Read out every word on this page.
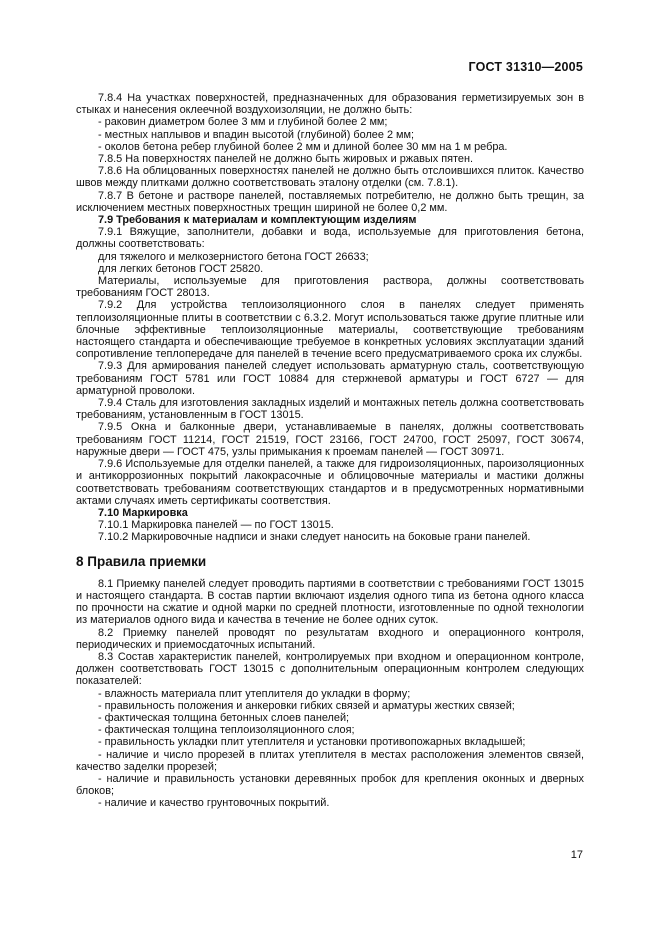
ГОСТ 31310—2005

7.8.4 На участках поверхностей, предназначенных для образования герметизируемых зон в стыках и нанесения оклеечной воздухоизоляции, не должно быть:

- раковин диаметром более 3 мм и глубиной более 2 мм;

- местных наплывов и впадин высотой (глубиной) более 2 мм;

- околов бетона ребер глубиной более 2 мм и длиной более 30 мм на 1 м ребра.

7.8.5 На поверхностях панелей не должно быть жировых и ржавых пятен.

7.8.6 На облицованных поверхностях панелей не должно быть отслоившихся плиток. Качество швов между плитками должно соответствовать эталону отделки (см. 7.8.1).

7.8.7 В бетоне и растворе панелей, поставляемых потребителю, не должно быть трещин, за исключением местных поверхностных трещин шириной не более 0,2 мм.

7.9 Требования к материалам и комплектующим изделиям

7.9.1 Вяжущие, заполнители, добавки и вода, используемые для приготовления бетона, должны соответствовать:

для тяжелого и мелкозернистого бетона ГОСТ 26633;

для легких бетонов ГОСТ 25820.

Материалы, используемые для приготовления раствора, должны соответствовать требованиям ГОСТ 28013.

7.9.2 Для устройства теплоизоляционного слоя в панелях следует применять теплоизоляционные плиты в соответствии с 6.3.2. Могут использоваться также другие плитные или блочные эффективные теплоизоляционные материалы, соответствующие требованиям настоящего стандарта и обеспечивающие требуемое в конкретных условиях эксплуатации зданий сопротивление теплопередаче для панелей в течение всего предусматриваемого срока их службы.

7.9.3 Для армирования панелей следует использовать арматурную сталь, соответствующую требованиям ГОСТ 5781 или ГОСТ 10884 для стержневой арматуры и ГОСТ 6727 — для арматурной проволоки.

7.9.4 Сталь для изготовления закладных изделий и монтажных петель должна соответствовать требованиям, установленным в ГОСТ 13015.

7.9.5 Окна и балконные двери, устанавливаемые в панелях, должны соответствовать требованиям ГОСТ 11214, ГОСТ 21519, ГОСТ 23166, ГОСТ 24700, ГОСТ 25097, ГОСТ 30674, наружные двери — ГОСТ 475, узлы примыкания к проемам панелей — ГОСТ 30971.

7.9.6 Используемые для отделки панелей, а также для гидроизоляционных, пароизоляционных и антикоррозионных покрытий лакокрасочные и облицовочные материалы и мастики должны соответствовать требованиям соответствующих стандартов и в предусмотренных нормативными актами случаях иметь сертификаты соответствия.

7.10 Маркировка

7.10.1 Маркировка панелей — по ГОСТ 13015.

7.10.2 Маркировочные надписи и знаки следует наносить на боковые грани панелей.

8 Правила приемки

8.1 Приемку панелей следует проводить партиями в соответствии с требованиями ГОСТ 13015 и настоящего стандарта. В состав партии включают изделия одного типа из бетона одного класса по прочности на сжатие и одной марки по средней плотности, изготовленные по одной технологии из материалов одного вида и качества в течение не более одних суток.

8.2 Приемку панелей проводят по результатам входного и операционного контроля, периодических и приемосдаточных испытаний.

8.3 Состав характеристик панелей, контролируемых при входном и операционном контроле, должен соответствовать ГОСТ 13015 с дополнительным операционным контролем следующих показателей:

- влажность материала плит утеплителя до укладки в форму;

- правильность положения и анкеровки гибких связей и арматуры жестких связей;

- фактическая толщина бетонных слоев панелей;

- фактическая толщина теплоизоляционного слоя;

- правильность укладки плит утеплителя и установки противопожарных вкладышей;

- наличие и число прорезей в плитах утеплителя в местах расположения элементов связей, качество заделки прорезей;

- наличие и правильность установки деревянных пробок для крепления оконных и дверных блоков;

- наличие и качество грунтовочных покрытий.

17
